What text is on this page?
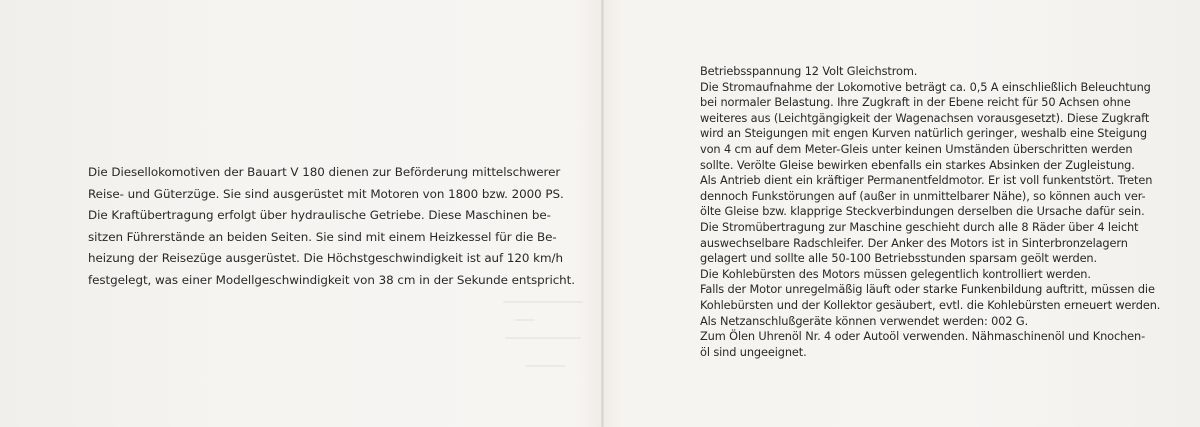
Die Diesellokomotiven der Bauart V 180 dienen zur Beförderung mittelschwerer

Reise- und Güterzüge. Sie sind ausgerüstet mit Motoren von 1800 bzw. 2000 PS.

Die Kraftübertragung erfolgt über hydraulische Getriebe. Diese Maschinen be-

sitzen Führerstände an beiden Seiten. Sie sind mit einem Heizkessel für die Be-

heizung der Reisezüge ausgerüstet. Die Höchstgeschwindigkeit ist auf 120 km/h

festgelegt, was einer Modellgeschwindigkeit von 38 cm in der Sekunde entspricht.

Betriebsspannung 12 Volt Gleichstrom.

Die Stromaufnahme der Lokomotive beträgt ca. 0,5 A einschließlich Beleuchtung

bei normaler Belastung. Ihre Zugkraft in der Ebene reicht für 50 Achsen ohne

weiteres aus (Leichtgängigkeit der Wagenachsen vorausgesetzt). Diese Zugkraft

wird an Steigungen mit engen Kurven natürlich geringer, weshalb eine Steigung

von 4 cm auf dem Meter-Gleis unter keinen Umständen überschritten werden

sollte. Verölte Gleise bewirken ebenfalls ein starkes Absinken der Zugleistung.

Als Antrieb dient ein kräftiger Permanentfeldmotor. Er ist voll funkentstört. Treten

dennoch Funkstörungen auf (außer in unmittelbarer Nähe), so können auch ver-

ölte Gleise bzw. klapprige Steckverbindungen derselben die Ursache dafür sein.

Die Stromübertragung zur Maschine geschieht durch alle 8 Räder über 4 leicht

auswechselbare Radschleifer. Der Anker des Motors ist in Sinterbronzelagern

gelagert und sollte alle 50-100 Betriebsstunden sparsam geölt werden.

Die Kohlebürsten des Motors müssen gelegentlich kontrolliert werden.

Falls der Motor unregelmäßig läuft oder starke Funkenbildung auftritt, müssen die

Kohlebürsten und der Kollektor gesäubert, evtl. die Kohlebürsten erneuert werden.

Als Netzanschlußgeräte können verwendet werden: 002 G.

Zum Ölen Uhrenöl Nr. 4 oder Autoöl verwenden. Nähmaschinenöl und Knochen-

öl sind ungeeignet.
